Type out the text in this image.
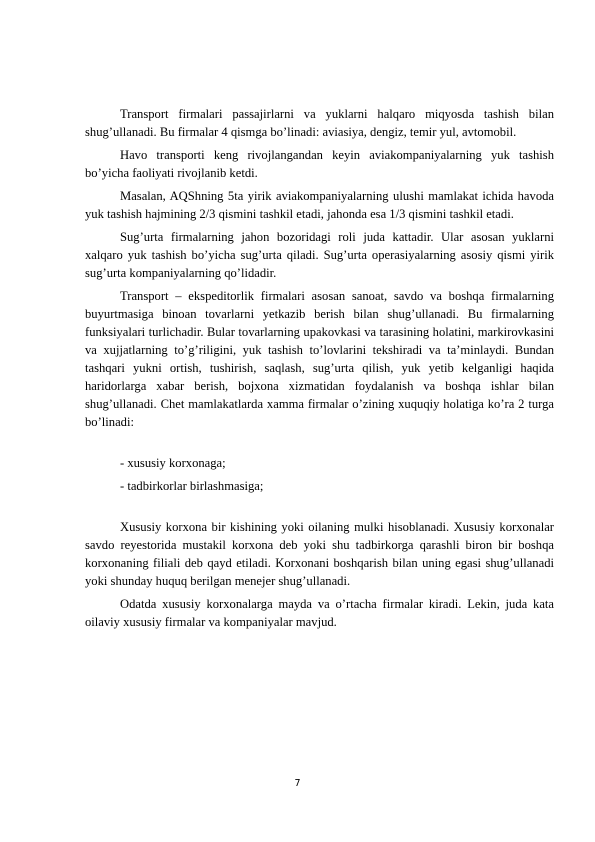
Transport firmalari passajirlarni va yuklarni halqaro miqyosda tashish bilan shug’ullanadi. Bu firmalar 4 qismga bo’linadi: aviasiya, dengiz, temir yul, avtomobil.

Havo transporti keng rivojlangandan keyin aviakompaniyalarning yuk tashish bo’yicha faoliyati rivojlanib ketdi.

Masalan, AQShning 5ta yirik aviakompaniyalarning ulushi mamlakat ichida havoda yuk tashish hajmining 2/3 qismini tashkil etadi, jahonda esa 1/3 qismini tashkil etadi.

Sug’urta firmalarning jahon bozoridagi roli juda kattadir. Ular asosan yuklarni xalqaro yuk tashish bo’yicha sug’urta qiladi. Sug’urta operasiyalarning asosiy qismi yirik sug’urta kompaniyalarning qo’lidadir.

Transport – ekspeditorlik firmalari asosan sanoat, savdo va boshqa firmalarning buyurtmasiga binoan tovarlarni yetkazib berish bilan shug’ullanadi. Bu firmalarning funksiyalari turlichadir. Bular tovarlarning upakovkasi va tarasining holatini, markirovkasini va xujjatlarning to’g’riligini, yuk tashish to’lovlarini tekshiradi va ta’minlaydi. Bundan tashqari yukni ortish, tushirish, saqlash, sug’urta qilish, yuk yetib kelganligi haqida haridorlarga xabar berish, bojxona xizmatidan foydalanish va boshqa ishlar bilan shug’ullanadi. Chet mamlakatlarda xamma firmalar o’zining xuquqiy holatiga ko’ra 2 turga bo’linadi:

- xususiy korxonaga;

- tadbirkorlar birlashmasiga;

Xususiy korxona bir kishining yoki oilaning mulki hisoblanadi. Xususiy korxonalar savdo reyestorida mustakil korxona deb yoki shu tadbirkorga qarashli biron bir boshqa korxonaning filiali deb qayd etiladi. Korxonani boshqarish bilan uning egasi shug’ullanadi yoki shunday huquq berilgan menejer shug’ullanadi.

Odatda xususiy korxonalarga mayda va o’rtacha firmalar kiradi. Lekin, juda kata oilaviy xususiy firmalar va kompaniyalar mavjud.

7
